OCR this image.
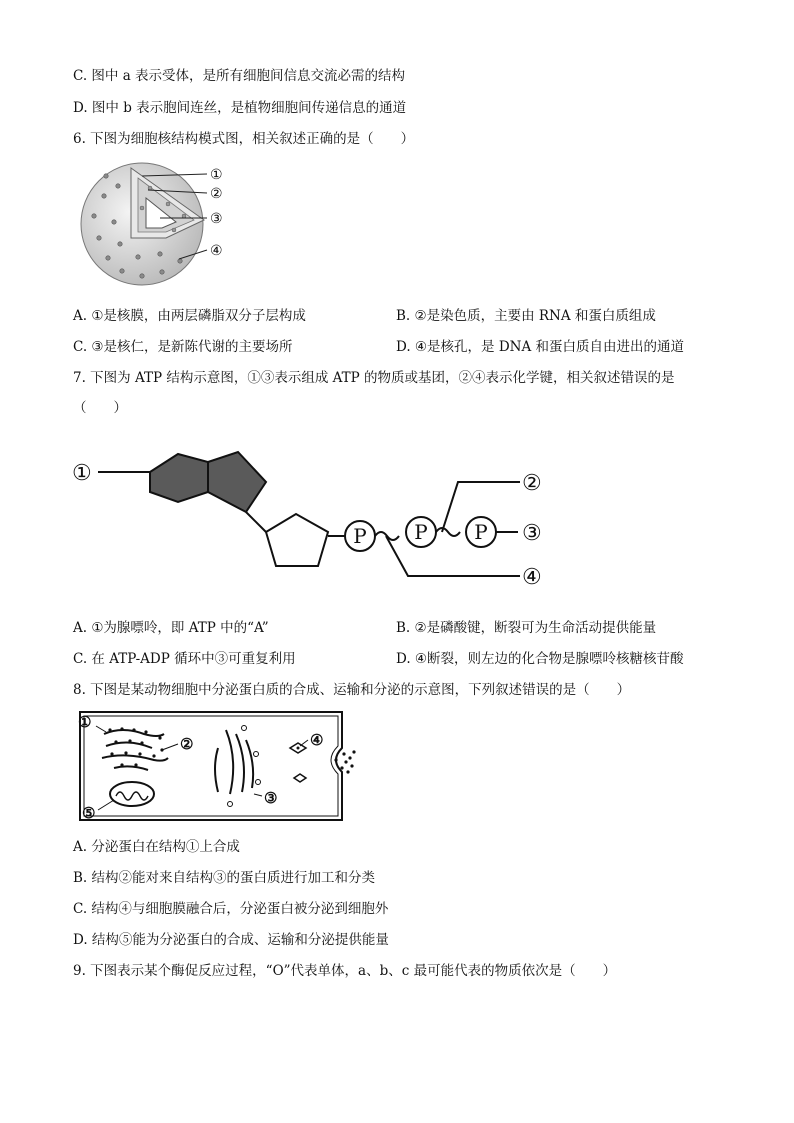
C. 图中 a 表示受体，是所有细胞间信息交流必需的结构
D. 图中 b 表示胞间连丝，是植物细胞间传递信息的通道
6. 下图为细胞核结构模式图，相关叙述正确的是（　　）
①
②
③
④
A. ①是核膜，由两层磷脂双分子层构成	B. ②是染色质，主要由 RNA 和蛋白质组成
C. ③是核仁，是新陈代谢的主要场所	D. ④是核孔，是 DNA 和蛋白质自由进出的通道
7. 下图为 ATP 结构示意图，①③表示组成 ATP 的物质或基团，②④表示化学键，相关叙述错误的是
（　　）
P P P
①	②
③
④
A. ①为腺嘌呤，即 ATP 中的“A”	B. ②是磷酸键，断裂可为生命活动提供能量
C. 在 ATP-ADP 循环中③可重复利用	D. ④断裂，则左边的化合物是腺嘌呤核糖核苷酸
8. 下图是某动物细胞中分泌蛋白质的合成、运输和分泌的示意图，下列叙述错误的是（　　）
①
②
③
④
⑤
A. 分泌蛋白在结构①上合成
B. 结构②能对来自结构③的蛋白质进行加工和分类
C. 结构④与细胞膜融合后，分泌蛋白被分泌到细胞外
D. 结构⑤能为分泌蛋白的合成、运输和分泌提供能量
9. 下图表示某个酶促反应过程，“O”代表单体，a、b、c 最可能代表的物质依次是（　　）
